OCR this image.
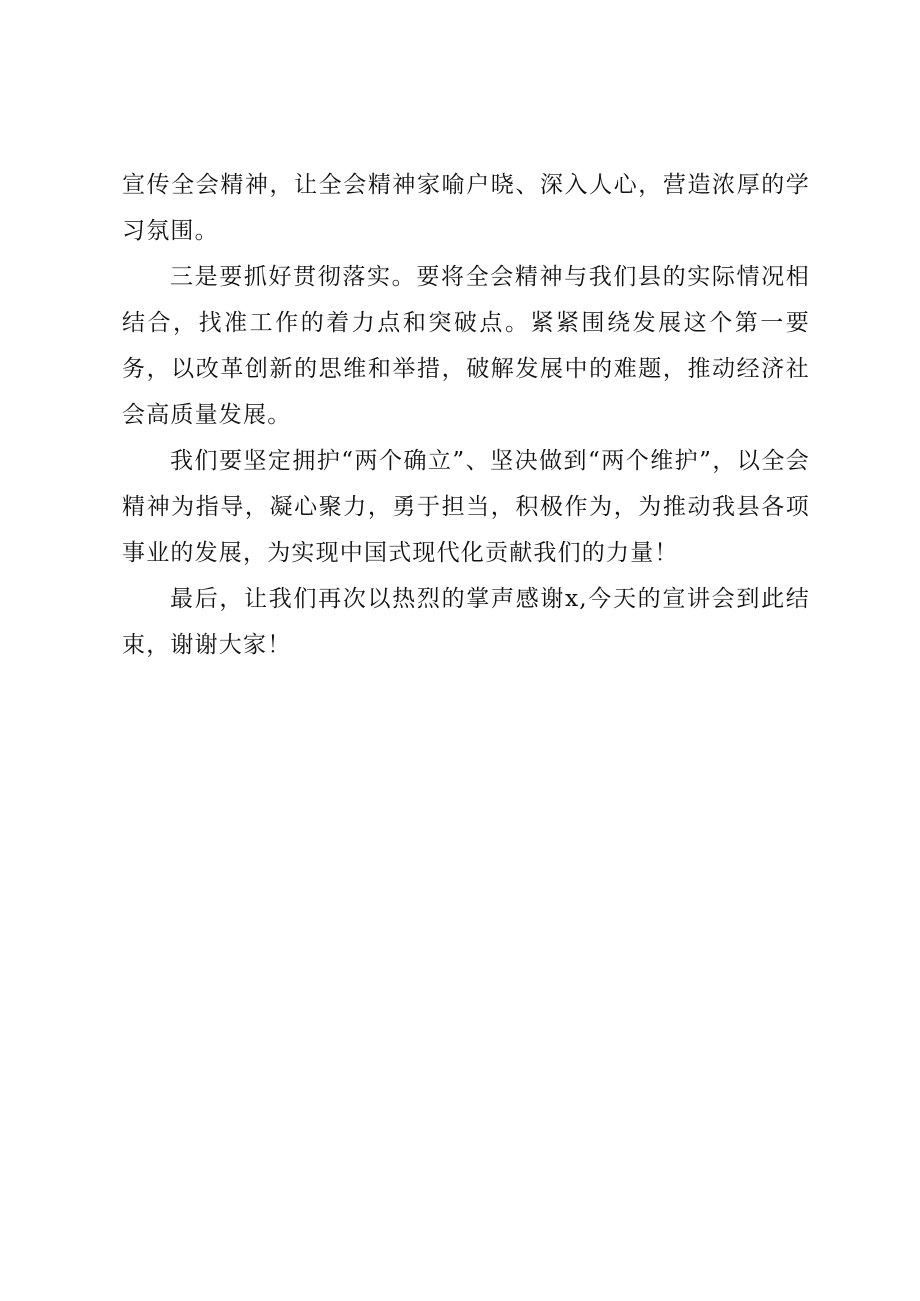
宣传全会精神，让全会精神家喻户晓、深入人心，营造浓厚的学习氛围。

三是要抓好贯彻落实。要将全会精神与我们县的实际情况相结合，找准工作的着力点和突破点。紧紧围绕发展这个第一要务，以改革创新的思维和举措，破解发展中的难题，推动经济社会高质量发展。

我们要坚定拥护“两个确立”、坚决做到“两个维护”，以全会精神为指导，凝心聚力，勇于担当，积极作为，为推动我县各项事业的发展，为实现中国式现代化贡献我们的力量！

最后，让我们再次以热烈的掌声感谢x,今天的宣讲会到此结束，谢谢大家！
